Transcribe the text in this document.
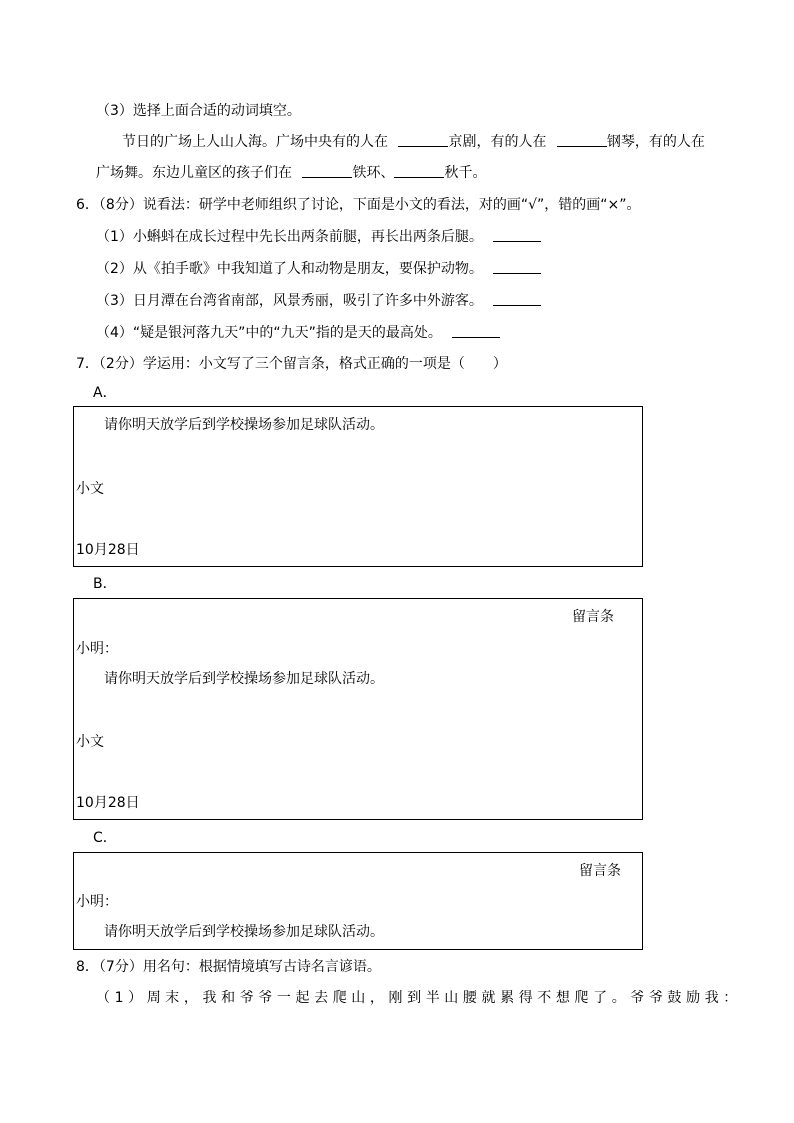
（3）选择上面合适的动词填空。
节日的广场上人山人海。广场中央有的人在	京剧，有的人在	钢琴，有的人在
广场舞。东边儿童区的孩子们在	铁环、	秋千。
6．（8分）说看法：研学中老师组织了讨论，下面是小文的看法，对的画“√”，错的画“×”。
（1）小蝌蚪在成长过程中先长出两条前腿，再长出两条后腿。
（2）从《拍手歌》中我知道了人和动物是朋友，要保护动物。
（3）日月潭在台湾省南部，风景秀丽，吸引了许多中外游客。
（4）“疑是银河落九天”中的“九天”指的是天的最高处。
7．（2分）学运用：小文写了三个留言条，格式正确的一项是（　　）
A．
请你明天放学后到学校操场参加足球队活动。
小文
10月28日
B．
留言条
小明：
请你明天放学后到学校操场参加足球队活动。
小文
10月28日
C．
留言条
小明：
请你明天放学后到学校操场参加足球队活动。
8．（7分）用名句：根据情境填写古诗名言谚语。
（1）周末，我和爷爷一起去爬山，刚到半山腰就累得不想爬了。爷爷鼓励我：
